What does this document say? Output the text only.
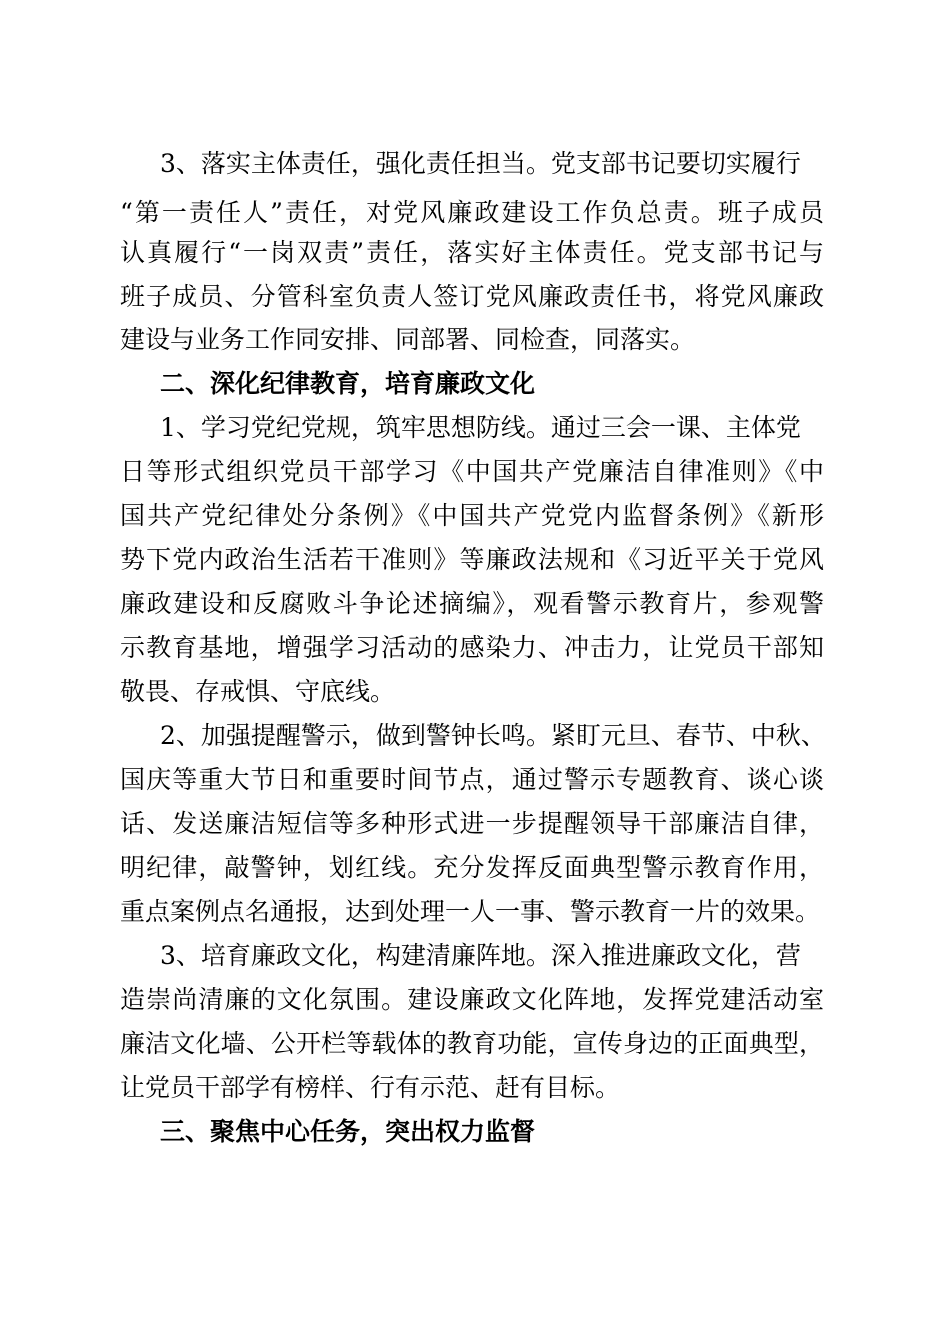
3、落实主体责任，强化责任担当。党支部书记要切实履行
“第一责任人”责任，对党风廉政建设工作负总责。班子成员
认真履行“一岗双责”责任，落实好主体责任。党支部书记与
班子成员、分管科室负责人签订党风廉政责任书，将党风廉政
建设与业务工作同安排、同部署、同检查，同落实。
二、深化纪律教育，培育廉政文化
1、学习党纪党规，筑牢思想防线。通过三会一课、主体党
日等形式组织党员干部学习《中国共产党廉洁自律准则》《中
国共产党纪律处分条例》《中国共产党党内监督条例》《新形
势下党内政治生活若干准则》等廉政法规和《习近平关于党风
廉政建设和反腐败斗争论述摘编》，观看警示教育片，参观警
示教育基地，增强学习活动的感染力、冲击力，让党员干部知
敬畏、存戒惧、守底线。
2、加强提醒警示，做到警钟长鸣。紧盯元旦、春节、中秋、
国庆等重大节日和重要时间节点，通过警示专题教育、谈心谈
话、发送廉洁短信等多种形式进一步提醒领导干部廉洁自律，
明纪律，敲警钟，划红线。充分发挥反面典型警示教育作用，
重点案例点名通报，达到处理一人一事、警示教育一片的效果。
3、培育廉政文化，构建清廉阵地。深入推进廉政文化，营
造崇尚清廉的文化氛围。建设廉政文化阵地，发挥党建活动室
廉洁文化墙、公开栏等载体的教育功能，宣传身边的正面典型，
让党员干部学有榜样、行有示范、赶有目标。
三、聚焦中心任务，突出权力监督
